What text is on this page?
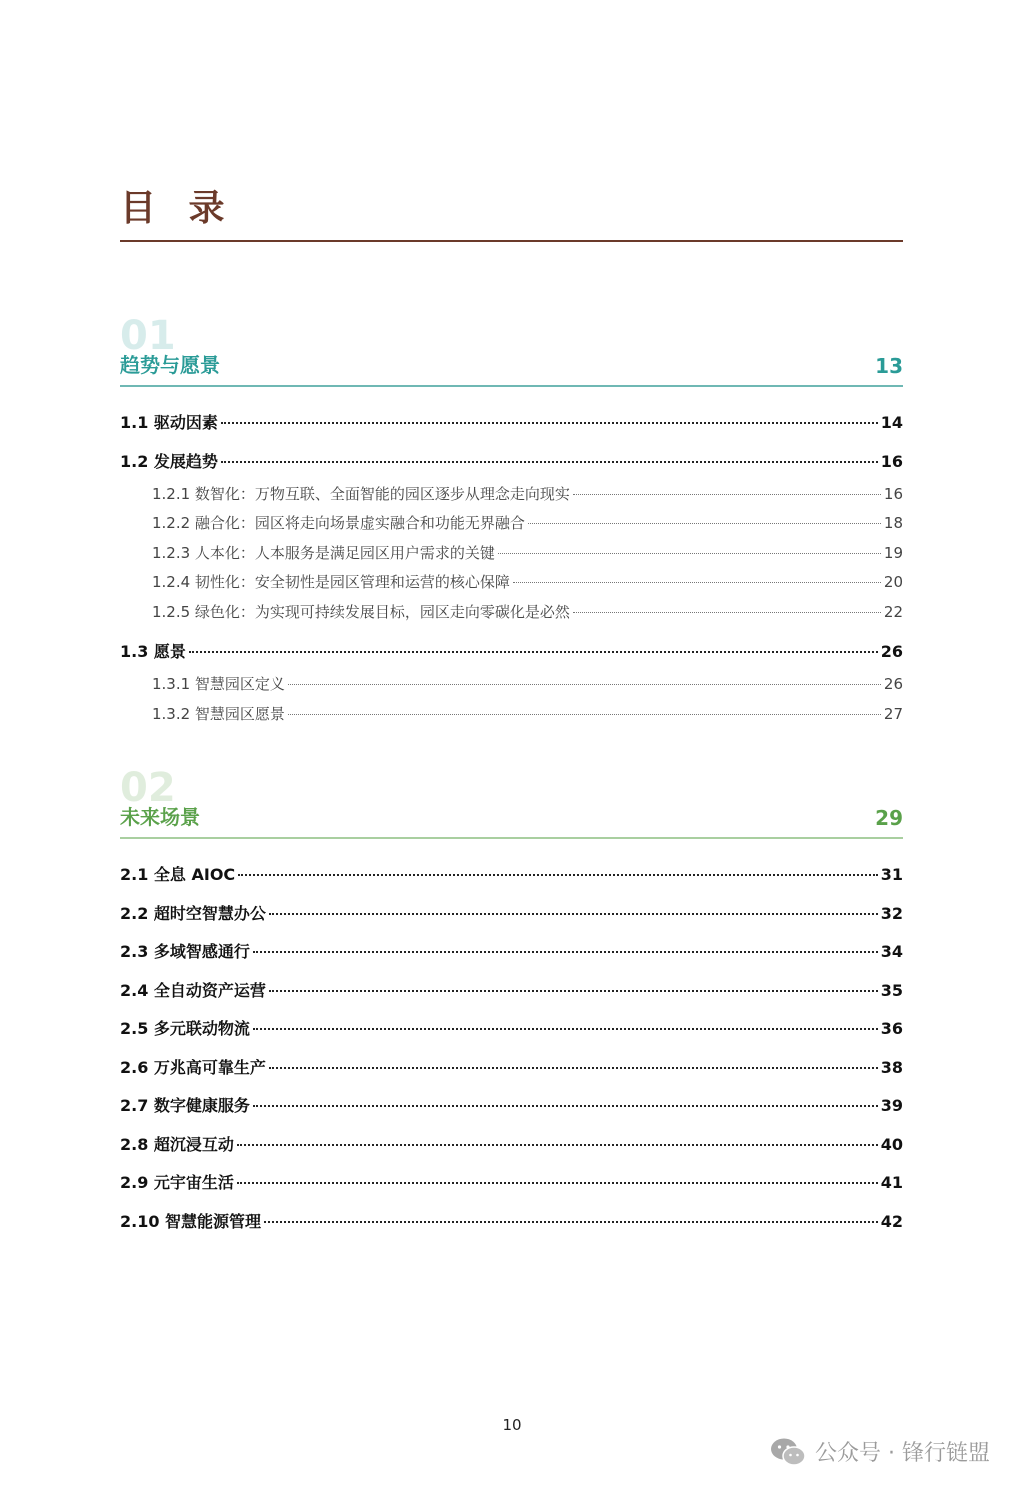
目 录
01
趋势与愿景	13
1.1 驱动因素	14
1.2 发展趋势	16
1.2.1 数智化：万物互联、全面智能的园区逐步从理念走向现实	16
1.2.2 融合化：园区将走向场景虚实融合和功能无界融合	18
1.2.3 人本化：人本服务是满足园区用户需求的关键	19
1.2.4 韧性化：安全韧性是园区管理和运营的核心保障	20
1.2.5 绿色化：为实现可持续发展目标，园区走向零碳化是必然	22
1.3 愿景	26
1.3.1 智慧园区定义	26
1.3.2 智慧园区愿景	27
02
未来场景	29
2.1 全息 AIOC	31
2.2 超时空智慧办公	32
2.3 多域智感通行	34
2.4 全自动资产运营	35
2.5 多元联动物流	36
2.6 万兆高可靠生产	38
2.7 数字健康服务	39
2.8 超沉浸互动	40
2.9 元宇宙生活	41
2.10 智慧能源管理	42
10
公众号 · 锋行链盟
